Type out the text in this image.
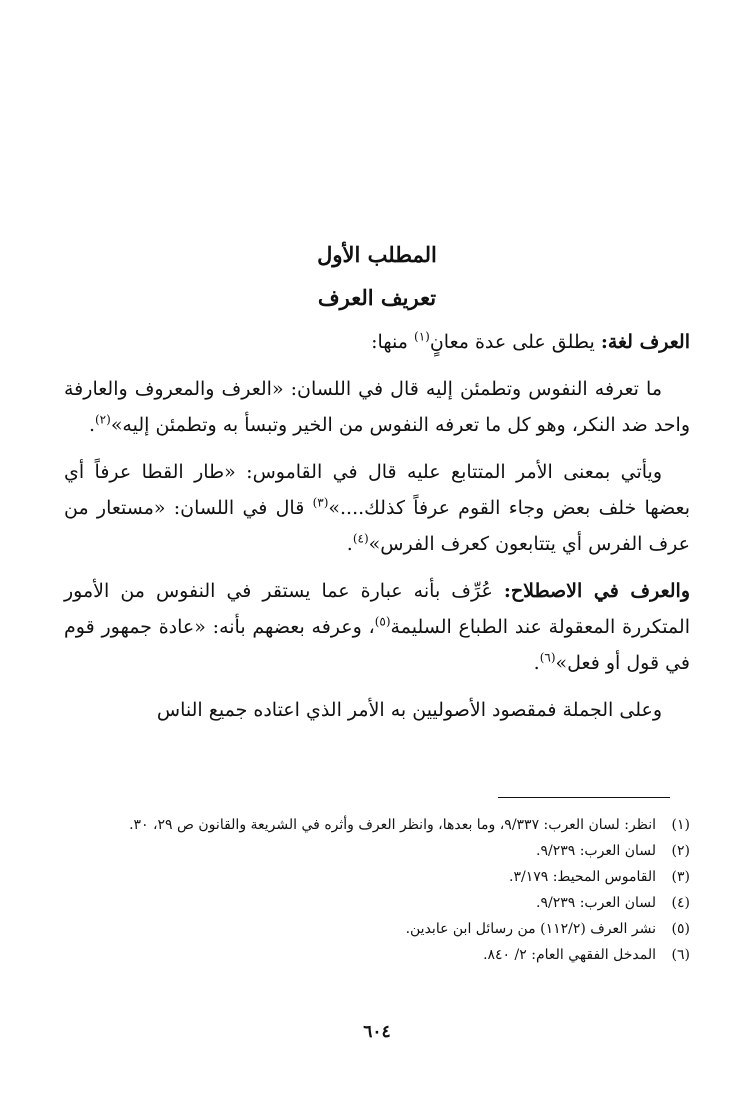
المطلب الأول
تعريف العرف

العرف لغة: يطلق على عدة معانٍ$^{(١)}$ منها:

ما تعرفه النفوس وتطمئن إليه قال في اللسان: «العرف والمعروف والعارفة واحد ضد النكر، وهو كل ما تعرفه النفوس من الخير وتبسأ به وتطمئن إليه»$^{(٢)}$.

ويأتي بمعنى الأمر المتتابع عليه قال في القاموس: «طار القطا عرفاً أي بعضها خلف بعض وجاء القوم عرفاً كذلك....»$^{(٣)}$ قال في اللسان: «مستعار من عرف الفرس أي يتتابعون كعرف الفرس»$^{(٤)}$.

والعرف في الاصطلاح: عُرِّف بأنه عبارة عما يستقر في النفوس من الأمور المتكررة المعقولة عند الطباع السليمة$^{(٥)}$، وعرفه بعضهم بأنه: «عادة جمهور قوم في قول أو فعل»$^{(٦)}$.

وعلى الجملة فمقصود الأصوليين به الأمر الذي اعتاده جميع الناس

(١)
انظر: لسان العرب: ٩/٣٣٧، وما بعدها، وانظر العرف وأثره في الشريعة والقانون ص ٢٩، ٣٠.
(٢)
لسان العرب: ٩/٢٣٩.
(٣)
القاموس المحيط: ٣/١٧٩.
(٤)
لسان العرب: ٩/٢٣٩.
(٥)
نشر العرف (١١٢/٢) من رسائل ابن عابدين.
(٦)
المدخل الفقهي العام: ٢/ ٨٤٠.

٦٠٤
